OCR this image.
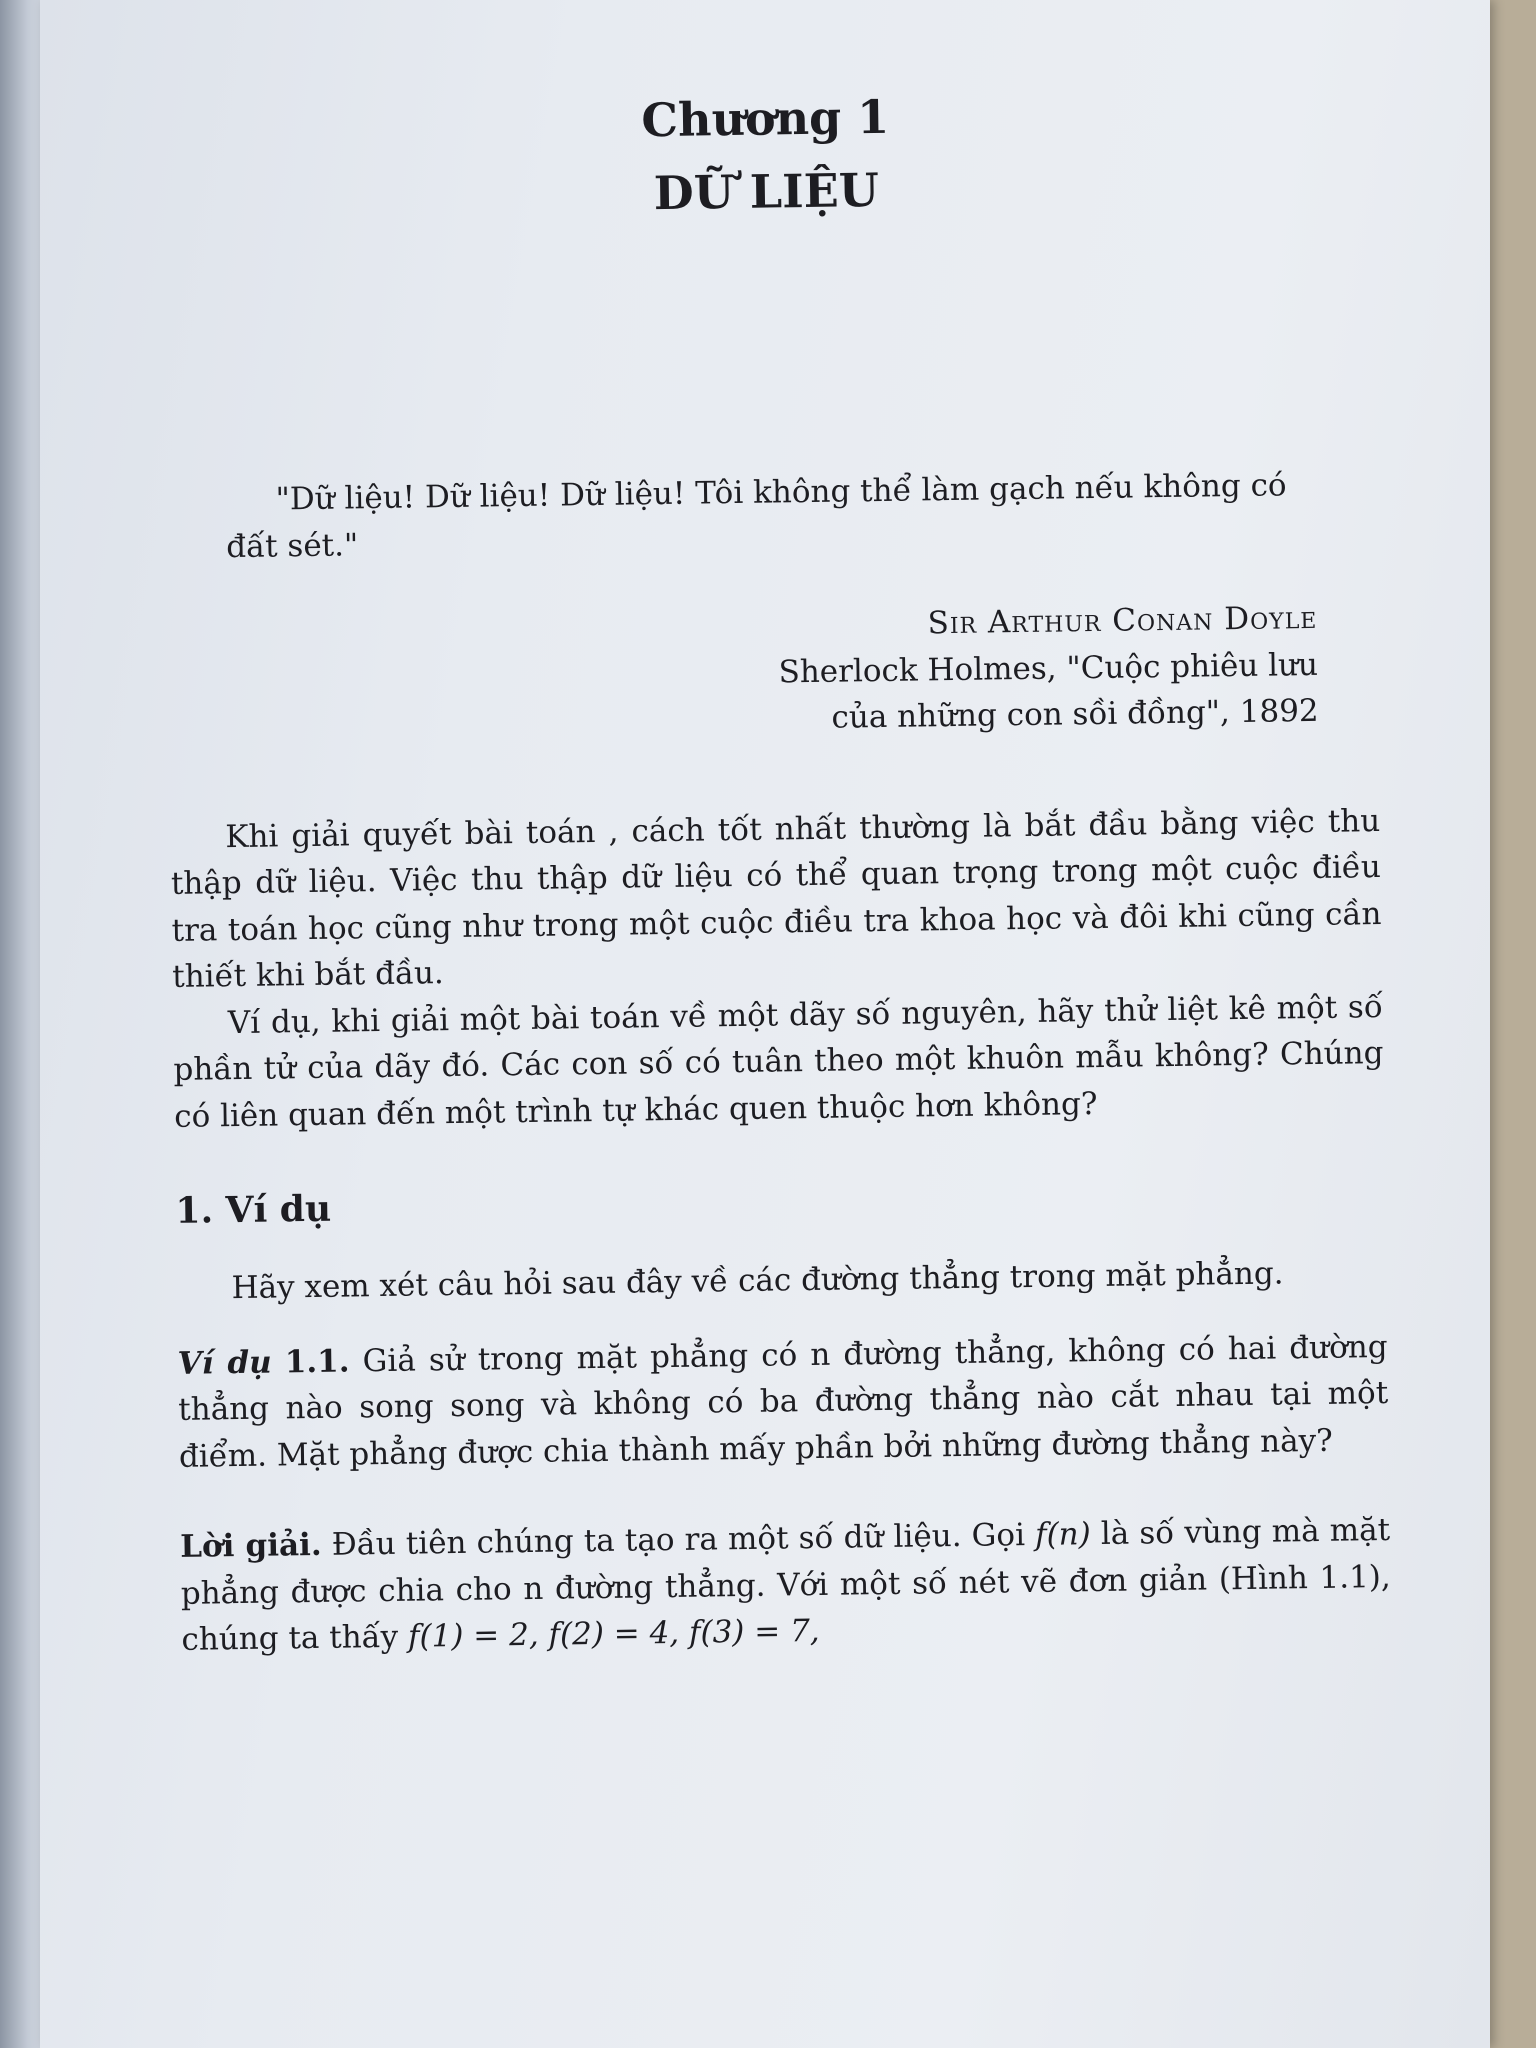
Chương 1
DỮ LIỆU

"Dữ liệu! Dữ liệu! Dữ liệu! Tôi không thể làm gạch nếu không có đất sét."

Sir Arthur Conan Doyle
Sherlock Holmes, "Cuộc phiêu lưu
của những con sồi đồng", 1892

Khi giải quyết bài toán , cách tốt nhất thường là bắt đầu bằng việc thu thập dữ liệu. Việc thu thập dữ liệu có thể quan trọng trong một cuộc điều tra toán học cũng như trong một cuộc điều tra khoa học và đôi khi cũng cần thiết khi bắt đầu.

Ví dụ, khi giải một bài toán về một dãy số nguyên, hãy thử liệt kê một số phần tử của dãy đó. Các con số có tuân theo một khuôn mẫu không? Chúng có liên quan đến một trình tự khác quen thuộc hơn không?

1. Ví dụ

Hãy xem xét câu hỏi sau đây về các đường thẳng trong mặt phẳng.

Ví dụ 1.1. Giả sử trong mặt phẳng có n đường thẳng, không có hai đường thẳng nào song song và không có ba đường thẳng nào cắt nhau tại một điểm. Mặt phẳng được chia thành mấy phần bởi những đường thẳng này?

Lời giải. Đầu tiên chúng ta tạo ra một số dữ liệu. Gọi f(n) là số vùng mà mặt phẳng được chia cho n đường thẳng. Với một số nét vẽ đơn giản (Hình 1.1), chúng ta thấy f(1) = 2, f(2) = 4, f(3) = 7,
